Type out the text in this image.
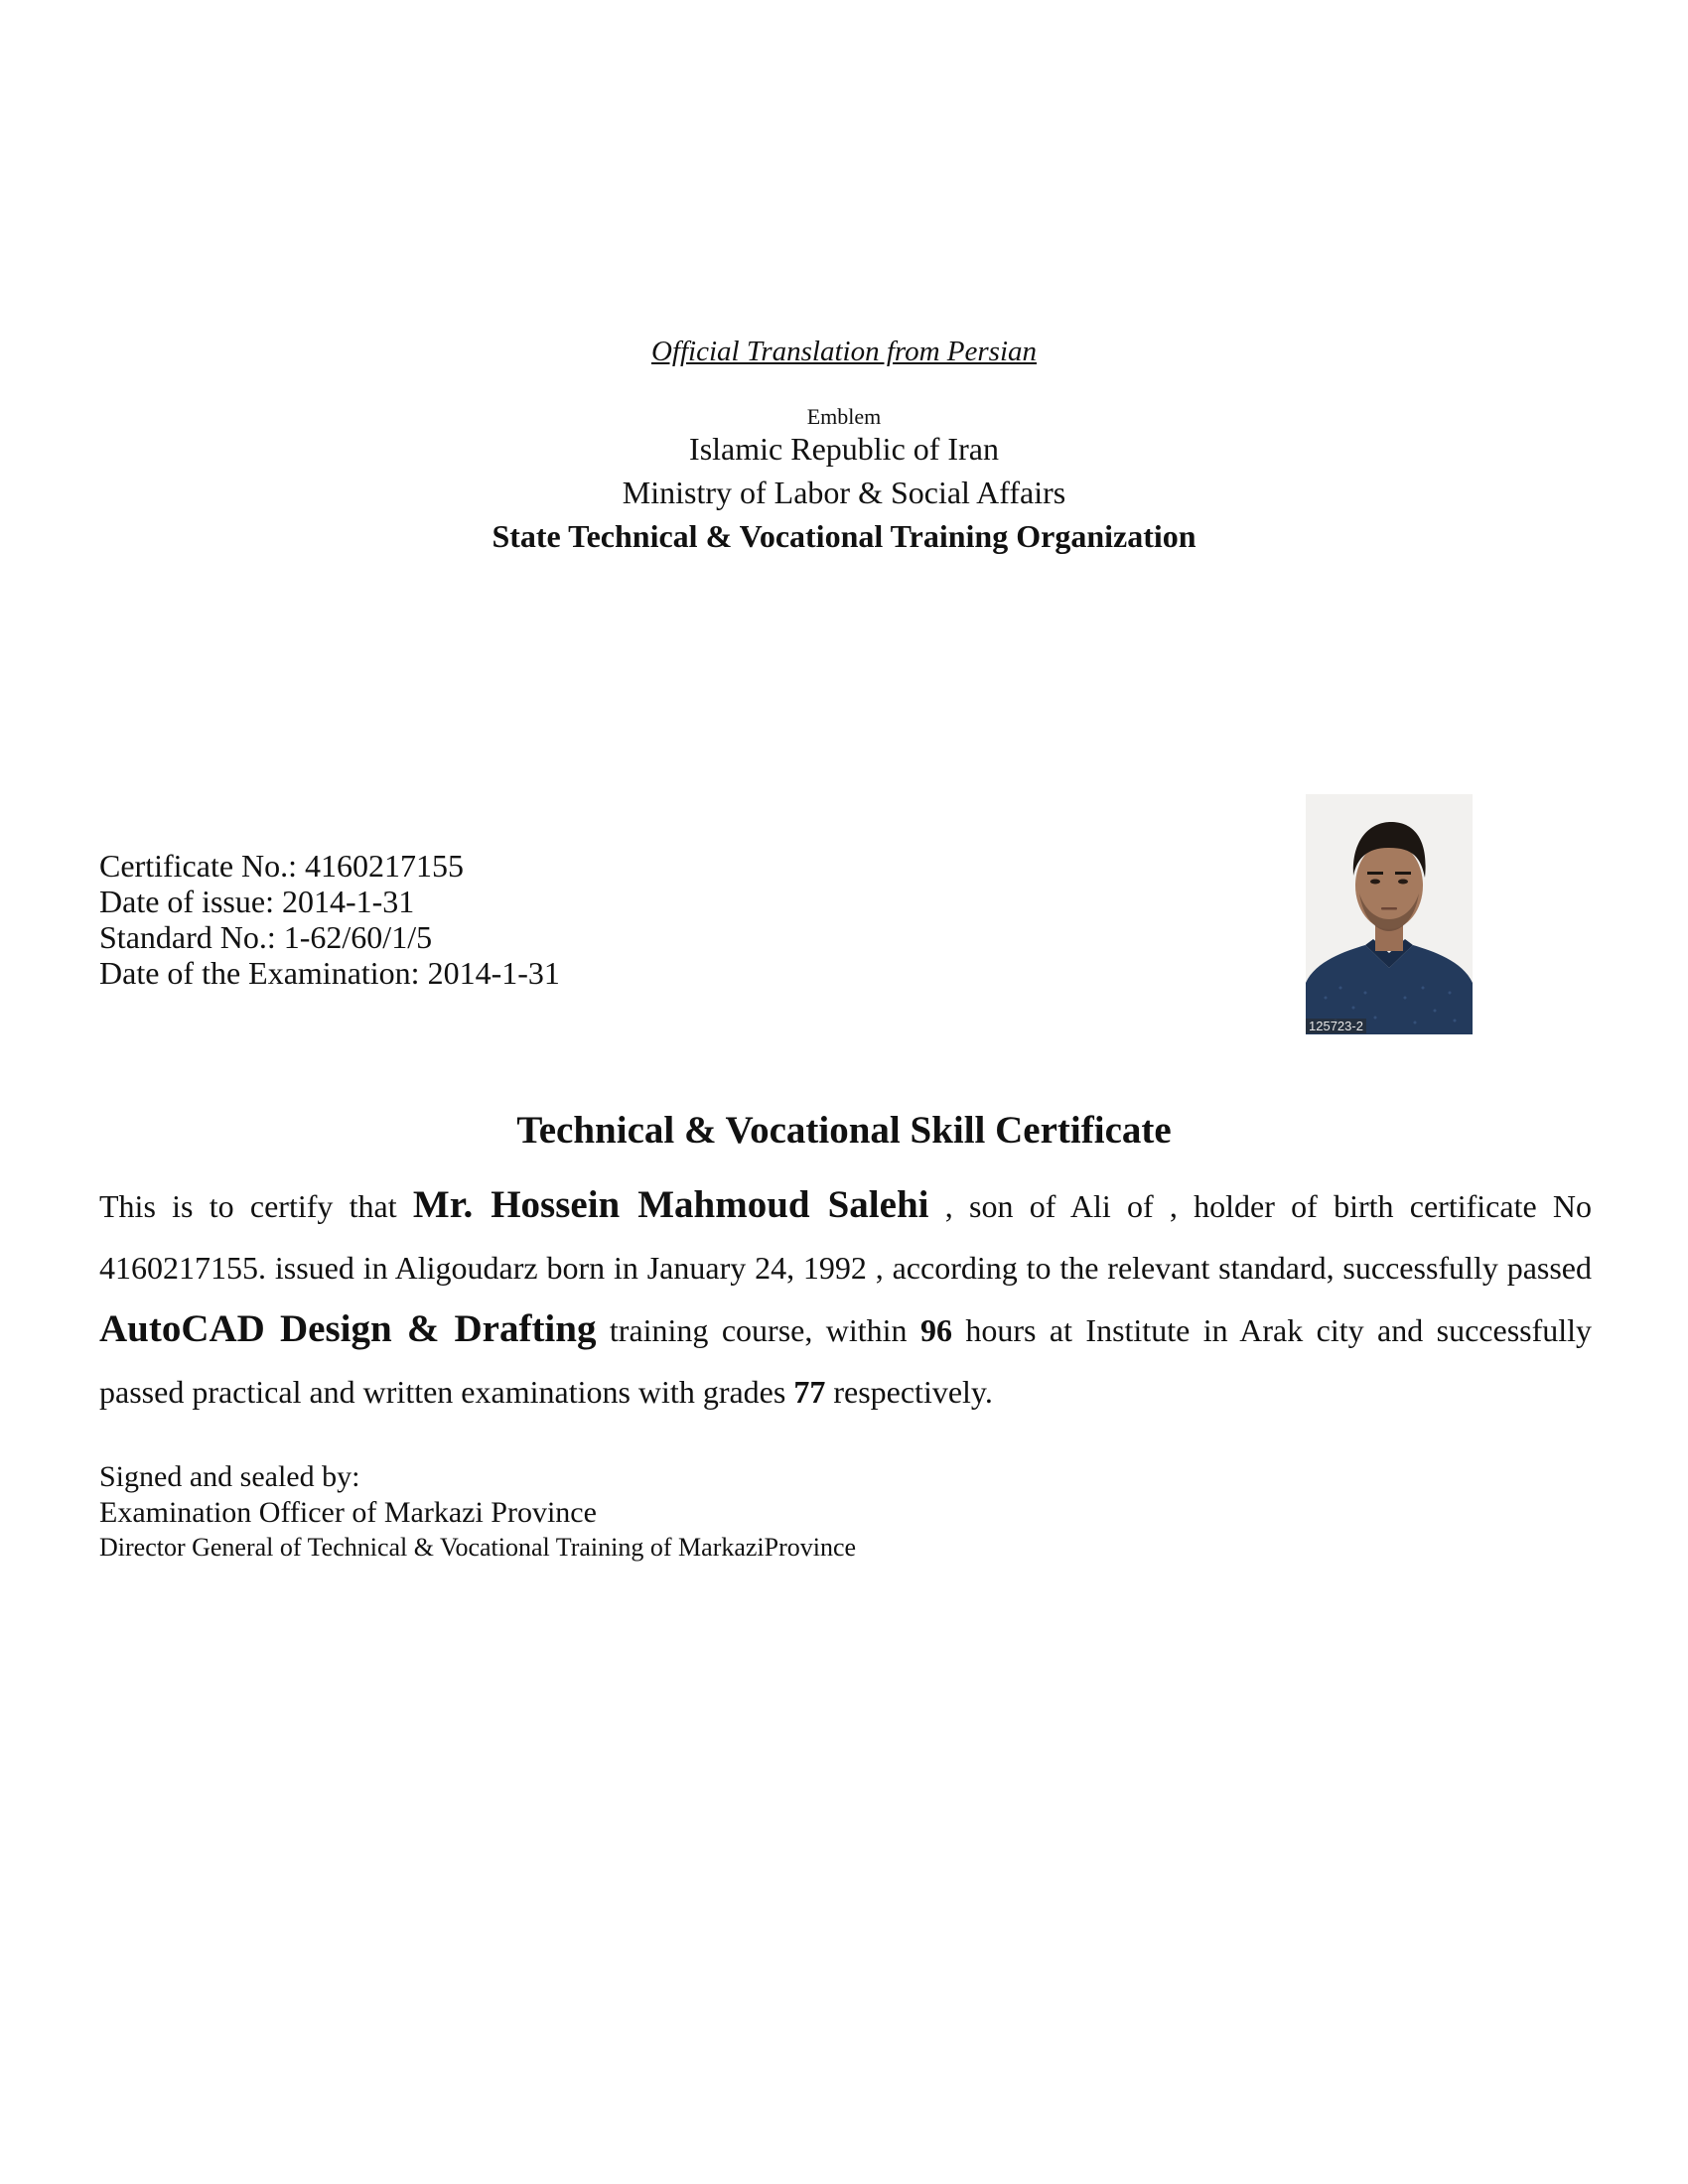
Official Translation from Persian
Emblem
Islamic Republic of Iran
Ministry of Labor & Social Affairs
State Technical & Vocational Training Organization
Certificate No.: 4160217155
Date of issue: 2014-1-31
Standard No.: 1-62/60/1/5
Date of the Examination: 2014-1-31
125723-2
Technical & Vocational Skill Certificate
This is to certify that Mr. Hossein Mahmoud Salehi , son of Ali of , holder of birth certificate No 4160217155. issued in Aligoudarz born in January 24, 1992 , according to the relevant standard, successfully passed AutoCAD Design & Drafting training course, within 96 hours at Institute in Arak city and successfully passed practical and written examinations with grades 77 respectively.
Signed and sealed by:
Examination Officer of Markazi Province
Director General of Technical & Vocational Training of MarkaziProvince
